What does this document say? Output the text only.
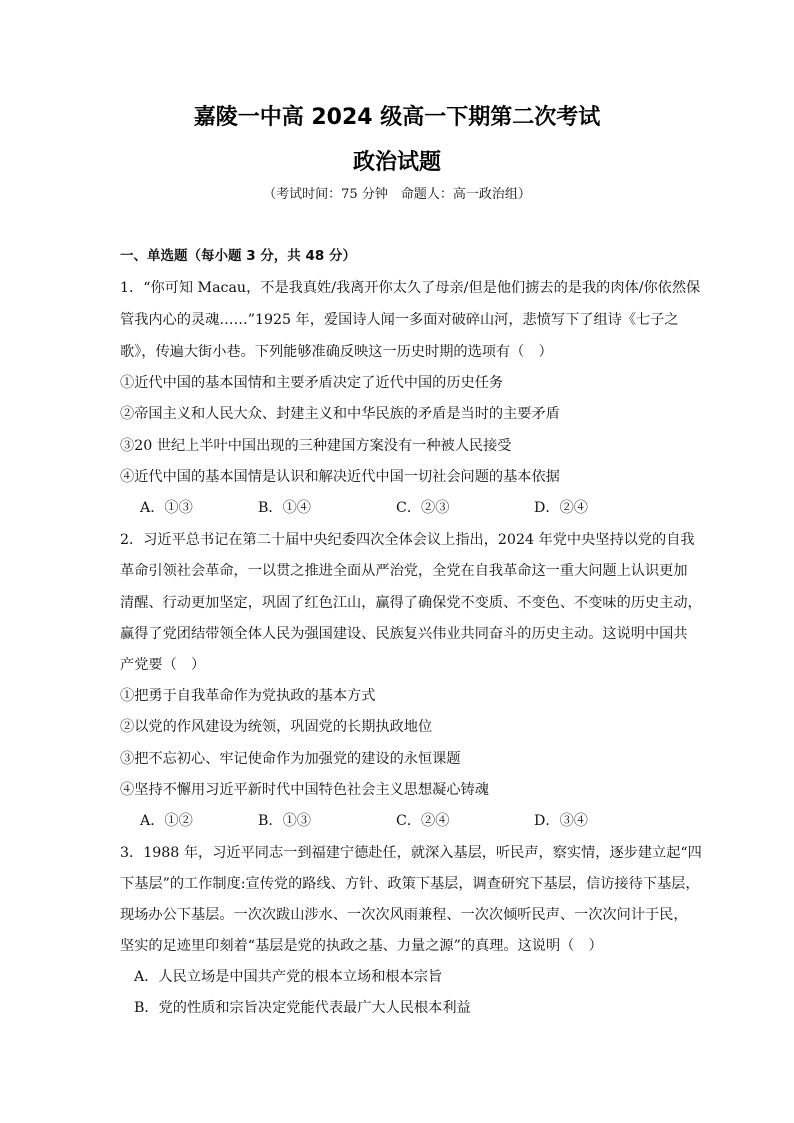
嘉陵一中高 2024 级高一下期第二次考试
政治试题
（考试时间：75 分钟　命题人：高一政治组）
一、单选题（每小题 3 分，共 48 分）
1．“你可知 Macau，不是我真姓/我离开你太久了母亲/但是他们掳去的是我的肉体/你依然保
管我内心的灵魂……”1925 年，爱国诗人闻一多面对破碎山河，悲愤写下了组诗《七子之
歌》，传遍大街小巷。下列能够准确反映这一历史时期的选项有（　）
①近代中国的基本国情和主要矛盾决定了近代中国的历史任务
②帝国主义和人民大众、封建主义和中华民族的矛盾是当时的主要矛盾
③20 世纪上半叶中国出现的三种建国方案没有一种被人民接受
④近代中国的基本国情是认识和解决近代中国一切社会问题的基本依据
A．①③	B．①④	C．②③	D．②④
2．习近平总书记在第二十届中央纪委四次全体会议上指出，2024 年党中央坚持以党的自我
革命引领社会革命，一以贯之推进全面从严治党，全党在自我革命这一重大问题上认识更加
清醒、行动更加坚定，巩固了红色江山，赢得了确保党不变质、不变色、不变味的历史主动，
赢得了党团结带领全体人民为强国建设、民族复兴伟业共同奋斗的历史主动。这说明中国共
产党要（　）
①把勇于自我革命作为党执政的基本方式
②以党的作风建设为统领，巩固党的长期执政地位
③把不忘初心、牢记使命作为加强党的建设的永恒课题
④坚持不懈用习近平新时代中国特色社会主义思想凝心铸魂
A．①②	B．①③	C．②④	D．③④
3．1988 年，习近平同志一到福建宁德赴任，就深入基层，听民声，察实情，逐步建立起“四
下基层”的工作制度:宣传党的路线、方针、政策下基层，调查研究下基层，信访接待下基层，
现场办公下基层。一次次跋山涉水、一次次风雨兼程、一次次倾听民声、一次次问计于民，
坚实的足迹里印刻着“基层是党的执政之基、力量之源”的真理。这说明（　）
A．人民立场是中国共产党的根本立场和根本宗旨
B．党的性质和宗旨决定党能代表最广大人民根本利益
